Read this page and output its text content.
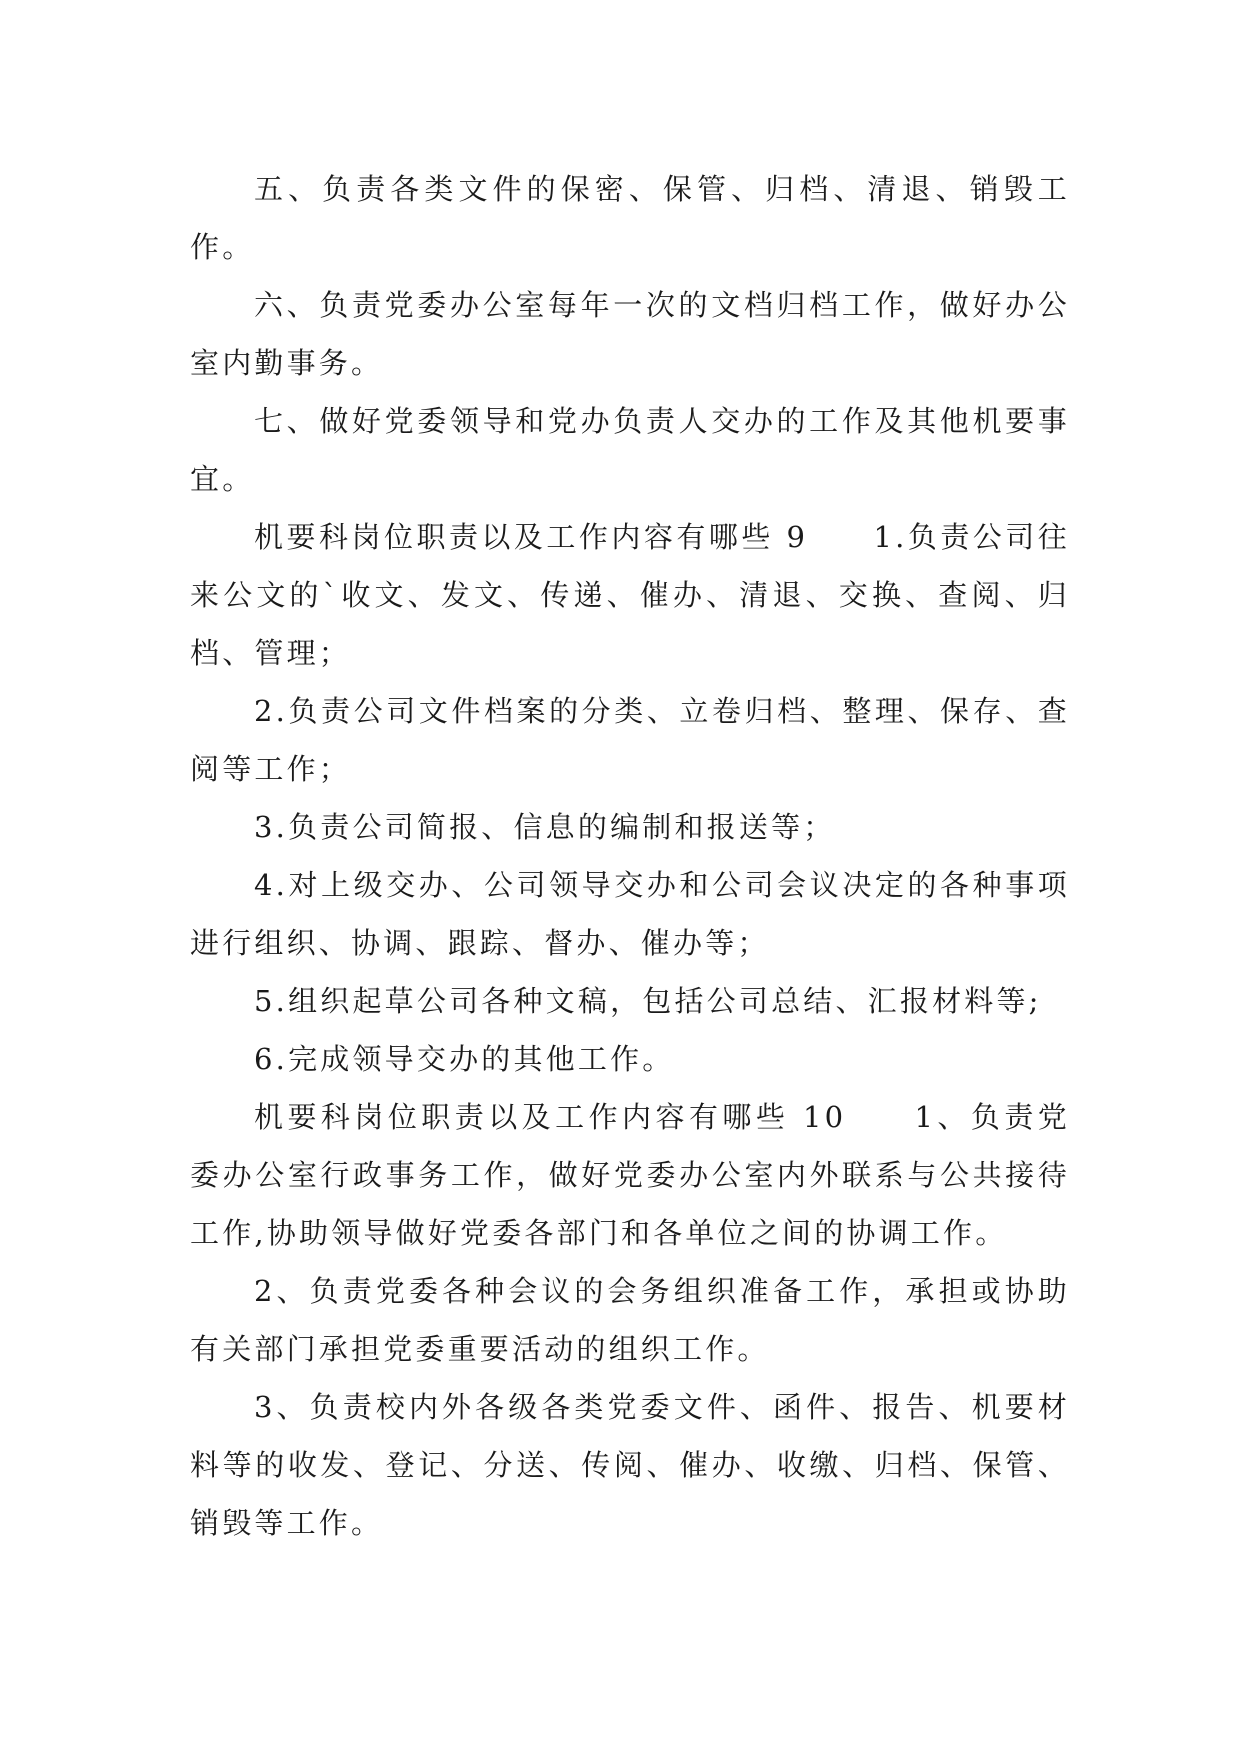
五、负责各类文件的保密、保管、归档、清退、销毁工作。

六、负责党委办公室每年一次的文档归档工作，做好办公室内勤事务。

七、做好党委领导和党办负责人交办的工作及其他机要事宜。

机要科岗位职责以及工作内容有哪些 9　　1.负责公司往来公文的`收文、发文、传递、催办、清退、交换、查阅、归档、管理；

2.负责公司文件档案的分类、立卷归档、整理、保存、查阅等工作；

3.负责公司简报、信息的编制和报送等；

4.对上级交办、公司领导交办和公司会议决定的各种事项进行组织、协调、跟踪、督办、催办等；

5.组织起草公司各种文稿，包括公司总结、汇报材料等;

6.完成领导交办的其他工作。

机要科岗位职责以及工作内容有哪些 10　　1、负责党委办公室行政事务工作，做好党委办公室内外联系与公共接待工作,协助领导做好党委各部门和各单位之间的协调工作。

2、负责党委各种会议的会务组织准备工作，承担或协助有关部门承担党委重要活动的组织工作。

3、负责校内外各级各类党委文件、函件、报告、机要材料等的收发、登记、分送、传阅、催办、收缴、归档、保管、销毁等工作。
